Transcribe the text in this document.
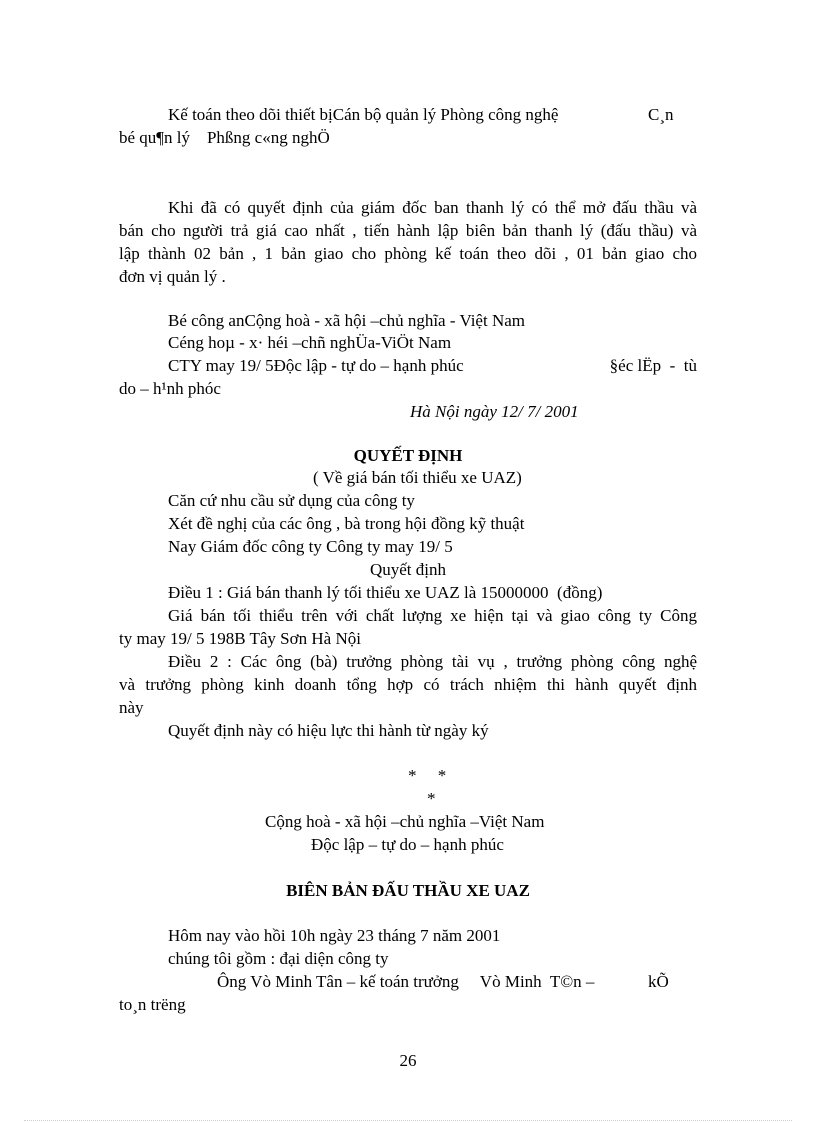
Kế toán theo dõi thiết bịCán bộ quản lý Phòng công nghệ	C¸n
bé qu¶n lý    Phßng c«ng nghÖ
Khi đã có quyết định của giám đốc ban thanh lý có thể mở đấu thầu và
bán cho người trả giá cao nhất , tiến hành lập biên bản thanh lý (đấu thầu) và
lập thành 02 bản , 1 bản giao cho phòng kế toán theo dõi , 01 bản giao cho
đơn vị quản lý .
Bé công anCộng hoà - xã hội –chủ nghĩa - Việt Nam
Céng hoµ - x· héi –chñ nghÜa-ViÖt Nam
CTY may 19/ 5Độc lập - tự do – hạnh phúc	§éc lËp  -  tù
do – h¹nh phóc
Hà Nội ngày 12/ 7/ 2001
QUYẾT ĐỊNH
( Về giá bán tối thiểu xe UAZ)
Căn cứ nhu cầu sử dụng của công ty
Xét đề nghị của các ông , bà trong hội đồng kỹ thuật
Nay Giám đốc công ty Công ty may 19/ 5
Quyết định
Điều 1 : Giá bán thanh lý tối thiểu xe UAZ là 15000000  (đồng)
Giá bán tối thiểu trên với chất lượng xe hiện tại và giao công ty Công
ty may 19/ 5 198B Tây Sơn Hà Nội
Điều 2 : Các ông (bà) trưởng phòng tài vụ , trưởng phòng công nghệ
và trưởng phòng kinh doanh tổng hợp có trách nhiệm thi hành quyết định
này
Quyết định này có hiệu lực thi hành từ ngày ký
*     *
*
Cộng hoà - xã hội –chủ nghĩa –Việt Nam
Độc lập – tự do – hạnh phúc
BIÊN BẢN ĐẤU THẦU XE UAZ
Hôm nay vào hồi 10h ngày 23 tháng 7 năm 2001
chúng tôi gồm : đại diện công ty
Ông Vò Minh Tân – kế toán trưởng     Vò Minh  T©n –	kÕ
to¸n trëng
26
